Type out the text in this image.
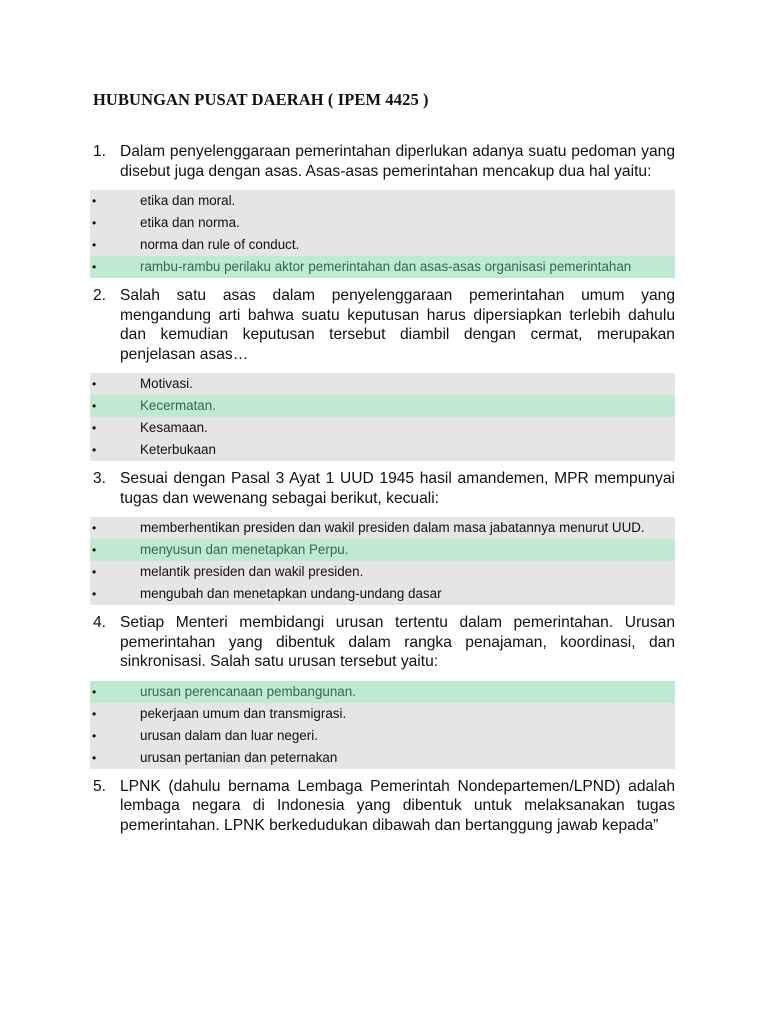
HUBUNGAN PUSAT DAERAH ( IPEM 4425 )
1. Dalam penyelenggaraan pemerintahan diperlukan adanya suatu pedoman yang disebut juga dengan asas. Asas-asas pemerintahan mencakup dua hal yaitu:
•	etika dan moral.
•	etika dan norma.
•	norma dan rule of conduct.
•	rambu-rambu perilaku aktor pemerintahan dan asas-asas organisasi pemerintahan
2. Salah satu asas dalam penyelenggaraan pemerintahan umum yang mengandung arti bahwa suatu keputusan harus dipersiapkan terlebih dahulu dan kemudian keputusan tersebut diambil dengan cermat, merupakan penjelasan asas…
•	Motivasi.
•	Kecermatan.
•	Kesamaan.
•	Keterbukaan
3. Sesuai dengan Pasal 3 Ayat 1 UUD 1945 hasil amandemen, MPR mempunyai tugas dan wewenang sebagai berikut, kecuali:
•	memberhentikan presiden dan wakil presiden dalam masa jabatannya menurut UUD.
•	menyusun dan menetapkan Perpu.
•	melantik presiden dan wakil presiden.
•	mengubah dan menetapkan undang-undang dasar
4. Setiap Menteri membidangi urusan tertentu dalam pemerintahan. Urusan pemerintahan yang dibentuk dalam rangka penajaman, koordinasi, dan sinkronisasi. Salah satu urusan tersebut yaitu:
•	urusan perencanaan pembangunan.
•	pekerjaan umum dan transmigrasi.
•	urusan dalam dan luar negeri.
•	urusan pertanian dan peternakan
5. LPNK (dahulu bernama Lembaga Pemerintah Nondepartemen/LPND) adalah lembaga negara di Indonesia yang dibentuk untuk melaksanakan tugas pemerintahan. LPNK berkedudukan dibawah dan bertanggung jawab kepada”
